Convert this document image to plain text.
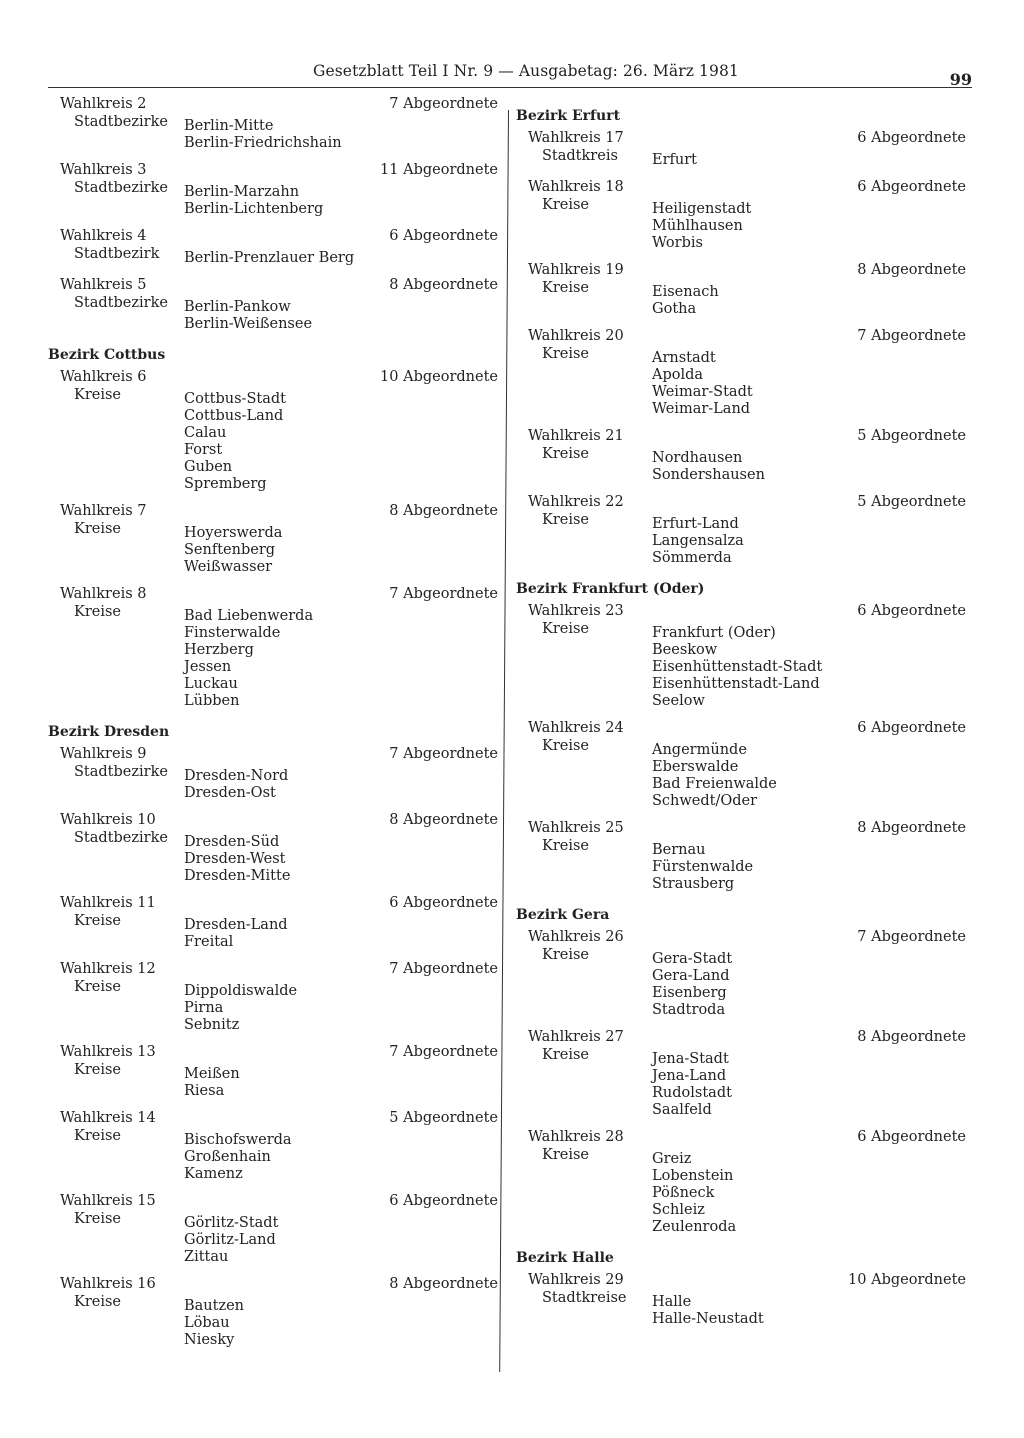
Gesetzblatt Teil I Nr. 9 — Ausgabetag: 26. März 1981	99
Wahlkreis 2	7 Abgeordnete
Stadtbezirke	Berlin-Mitte
Berlin-Friedrichshain
Wahlkreis 3	11 Abgeordnete
Stadtbezirke	Berlin-Marzahn
Berlin-Lichtenberg
Wahlkreis 4	6 Abgeordnete
Stadtbezirk	Berlin-Prenzlauer Berg
Wahlkreis 5	8 Abgeordnete
Stadtbezirke	Berlin-Pankow
Berlin-Weißensee
Bezirk Cottbus
Wahlkreis 6	10 Abgeordnete
Kreise	Cottbus-Stadt
Cottbus-Land
Calau
Forst
Guben
Spremberg
Wahlkreis 7	8 Abgeordnete
Kreise	Hoyerswerda
Senftenberg
Weißwasser
Wahlkreis 8	7 Abgeordnete
Kreise	Bad Liebenwerda
Finsterwalde
Herzberg
Jessen
Luckau
Lübben
Bezirk Dresden
Wahlkreis 9	7 Abgeordnete
Stadtbezirke	Dresden-Nord
Dresden-Ost
Wahlkreis 10	8 Abgeordnete
Stadtbezirke	Dresden-Süd
Dresden-West
Dresden-Mitte
Wahlkreis 11	6 Abgeordnete
Kreise	Dresden-Land
Freital
Wahlkreis 12	7 Abgeordnete
Kreise	Dippoldiswalde
Pirna
Sebnitz
Wahlkreis 13	7 Abgeordnete
Kreise	Meißen
Riesa
Wahlkreis 14	5 Abgeordnete
Kreise	Bischofswerda
Großenhain
Kamenz
Wahlkreis 15	6 Abgeordnete
Kreise	Görlitz-Stadt
Görlitz-Land
Zittau
Wahlkreis 16	8 Abgeordnete
Kreise	Bautzen
Löbau
Niesky
Bezirk Erfurt
Wahlkreis 17	6 Abgeordnete
Stadtkreis	Erfurt
Wahlkreis 18	6 Abgeordnete
Kreise	Heiligenstadt
Mühlhausen
Worbis
Wahlkreis 19	8 Abgeordnete
Kreise	Eisenach
Gotha
Wahlkreis 20	7 Abgeordnete
Kreise	Arnstadt
Apolda
Weimar-Stadt
Weimar-Land
Wahlkreis 21	5 Abgeordnete
Kreise	Nordhausen
Sondershausen
Wahlkreis 22	5 Abgeordnete
Kreise	Erfurt-Land
Langensalza
Sömmerda
Bezirk Frankfurt (Oder)
Wahlkreis 23	6 Abgeordnete
Kreise	Frankfurt (Oder)
Beeskow
Eisenhüttenstadt-Stadt
Eisenhüttenstadt-Land
Seelow
Wahlkreis 24	6 Abgeordnete
Kreise	Angermünde
Eberswalde
Bad Freienwalde
Schwedt/Oder
Wahlkreis 25	8 Abgeordnete
Kreise	Bernau
Fürstenwalde
Strausberg
Bezirk Gera
Wahlkreis 26	7 Abgeordnete
Kreise	Gera-Stadt
Gera-Land
Eisenberg
Stadtroda
Wahlkreis 27	8 Abgeordnete
Kreise	Jena-Stadt
Jena-Land
Rudolstadt
Saalfeld
Wahlkreis 28	6 Abgeordnete
Kreise	Greiz
Lobenstein
Pößneck
Schleiz
Zeulenroda
Bezirk Halle
Wahlkreis 29	10 Abgeordnete
Stadtkreise	Halle
Halle-Neustadt
